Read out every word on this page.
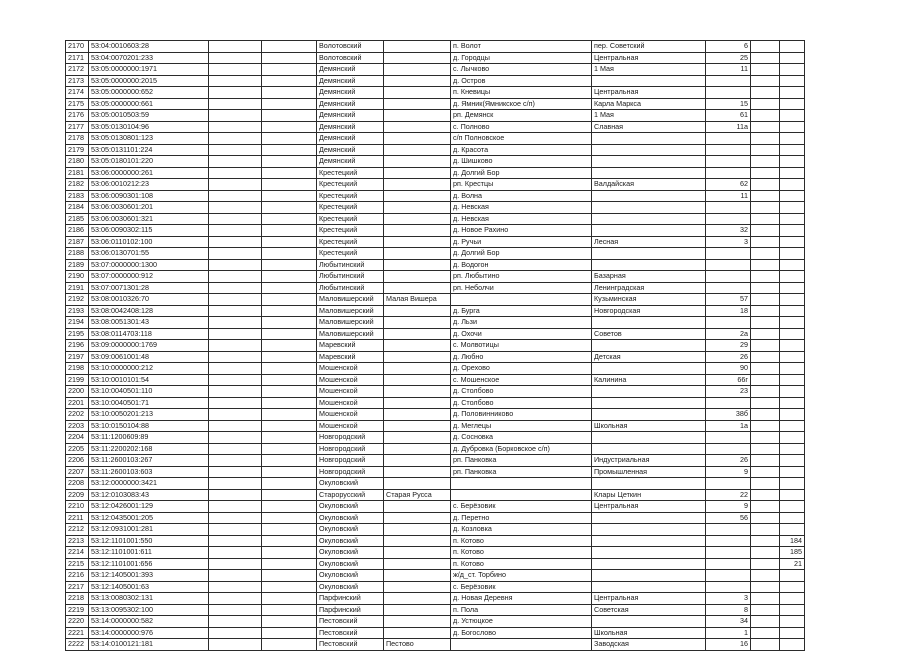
2170	53:04:0010603:28			Волотовский		п. Волот	пер. Советский	6		
2171	53:04:0070201:233			Волотовский		д. Городцы	Центральная	25		
2172	53:05:0000000:1971			Демянский		с. Лычково	1 Мая	11		
2173	53:05:0000000:2015			Демянский		д. Остров				
2174	53:05:0000000:652			Демянский		п. Кневицы	Центральная			
2175	53:05:0000000:661			Демянский		д. Ямник(Ямникское с/п)	Карла Маркса	15		
2176	53:05:0010503:59			Демянский		рп. Демянск	1 Мая	61		
2177	53:05:0130104:96			Демянский		с. Полново	Славная	11а		
2178	53:05:0130801:123			Демянский		с/п Полновское				
2179	53:05:0131101:224			Демянский		д. Красота				
2180	53:05:0180101:220			Демянский		д. Шишково				
2181	53:06:0000000:261			Крестецкий		д. Долгий Бор				
2182	53:06:0010212:23			Крестецкий		рп. Крестцы	Валдайская	62		
2183	53:06:0090301:108			Крестецкий		д. Волна		11		
2184	53:06:0030601:201			Крестецкий		д. Невская				
2185	53:06:0030601:321			Крестецкий		д. Невская				
2186	53:06:0090302:115			Крестецкий		д. Новое Рахино		32		
2187	53:06:0110102:100			Крестецкий		д. Ручьи	Лесная	3		
2188	53:06:0130701:55			Крестецкий		д. Долгий Бор				
2189	53:07:0000000:1300			Любытинский		д. Водогон				
2190	53:07:0000000:912			Любытинский		рп. Любытино	Базарная			
2191	53:07:0071301:28			Любытинский		рп. Неболчи	Ленинградская			
2192	53:08:0010326:70			Маловишерский	Малая Вишера		Кузьминская	57		
2193	53:08:0042408:128			Маловишерский		д. Бурга	Новгородская	18		
2194	53:08:0051301:43			Маловишерский		д. Льзи				
2195	53:08:0114703:118			Маловишерский		д. Охочи	Советов	2а		
2196	53:09:0000000:1769			Маревский		с. Молвотицы		29		
2197	53:09:0061001:48			Маревский		д. Любно	Детская	26		
2198	53:10:0000000:212			Мошенской		д. Орехово		90		
2199	53:10:0010101:54			Мошенской		с. Мошенское	Калинина	66г		
2200	53:10:0040501:110			Мошенской		д. Столбово		23		
2201	53:10:0040501:71			Мошенской		д. Столбово				
2202	53:10:0050201:213			Мошенской		д. Половинниково		38б		
2203	53:10:0150104:88			Мошенской		д. Меглецы	Школьная	1а		
2204	53:11:1200609:89			Новгородский		д. Сосновка				
2205	53:11:2200202:168			Новгородский		д. Дубровка (Борковское с/п)				
2206	53:11:2600103:267			Новгородский		рп. Панковка	Индустриальная	26		
2207	53:11:2600103:603			Новгородский		рп. Панковка	Промышленная	9		
2208	53:12:0000000:3421			Окуловский						
2209	53:12:0103083:43			Старорусский	Старая Русса		Клары Цеткин	22		
2210	53:12:0426001:129			Окуловский		с. Берёзовик	Центральная	9		
2211	53:12:0435001:205			Окуловский		д. Перетно		56		
2212	53:12:0931001:281			Окуловский		д. Козловка				
2213	53:12:1101001:550			Окуловский		п. Котово				184
2214	53:12:1101001:611			Окуловский		п. Котово				185
2215	53:12:1101001:656			Окуловский		п. Котово				21
2216	53:12:1405001:393			Окуловский		ж/д_ст. Торбино				
2217	53:12:1405001:63			Окуловский		с. Берёзовик				
2218	53:13:0080302:131			Парфинский		д. Новая Деревня	Центральная	3		
2219	53:13:0095302:100			Парфинский		п. Пола	Советская	8		
2220	53:14:0000000:582			Пестовский		д. Устюцкое		34		
2221	53:14:0000000:976			Пестовский		д. Богослово	Школьная	1		
2222	53:14:0100121:181			Пестовский	Пестово		Заводская	16		
